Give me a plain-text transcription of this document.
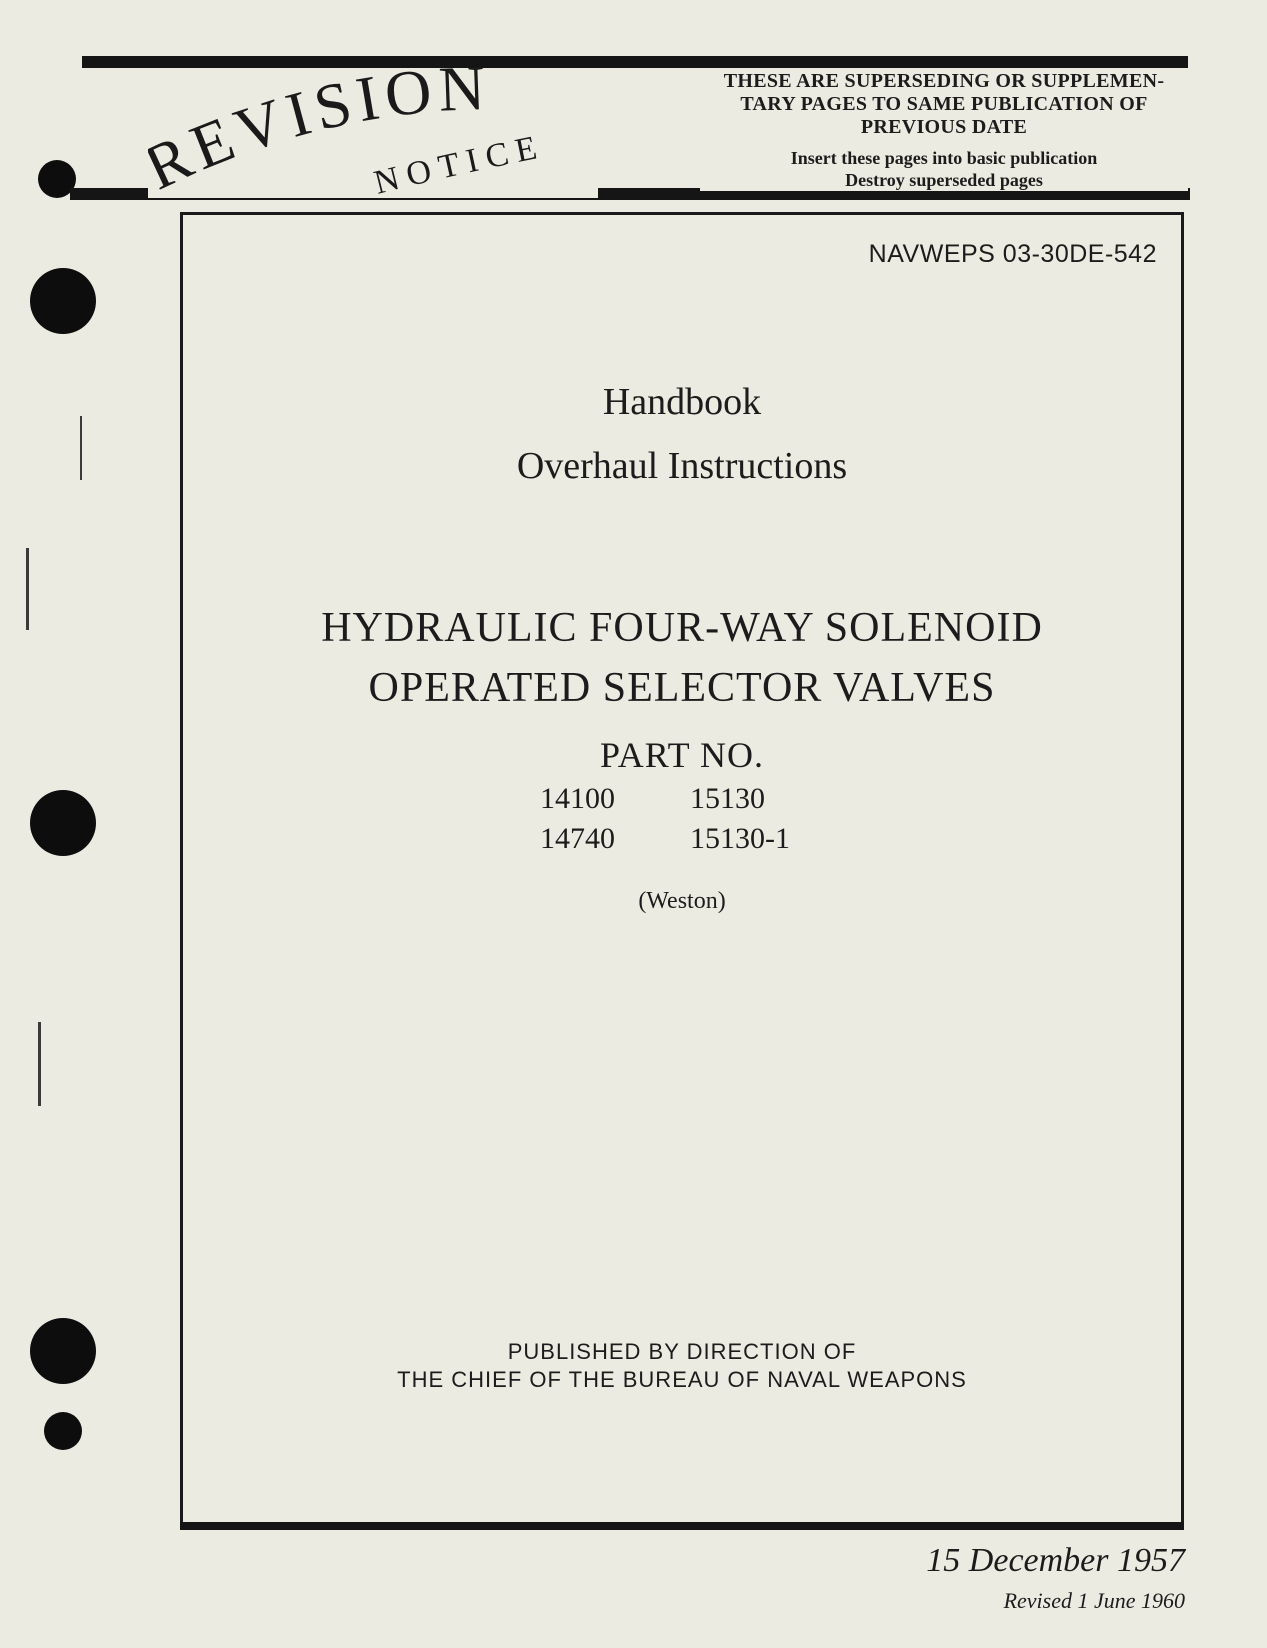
EVISION
NOTICE
THESE ARE SUPERSEDING OR SUPPLEMEN-
TARY PAGES TO SAME PUBLICATION OF
PREVIOUS DATE
Insert these pages into basic publication
Destroy superseded pages
NAVWEPS 03-30DE-542
Handbook
Overhaul Instructions
HYDRAULIC FOUR-WAY SOLENOID
OPERATED SELECTOR VALVES
PART NO.
14100	15130
14740	15130-1
(Weston)
PUBLISHED BY DIRECTION OF
THE CHIEF OF THE BUREAU OF NAVAL WEAPONS
15 December 1957
Revised 1 June 1960
